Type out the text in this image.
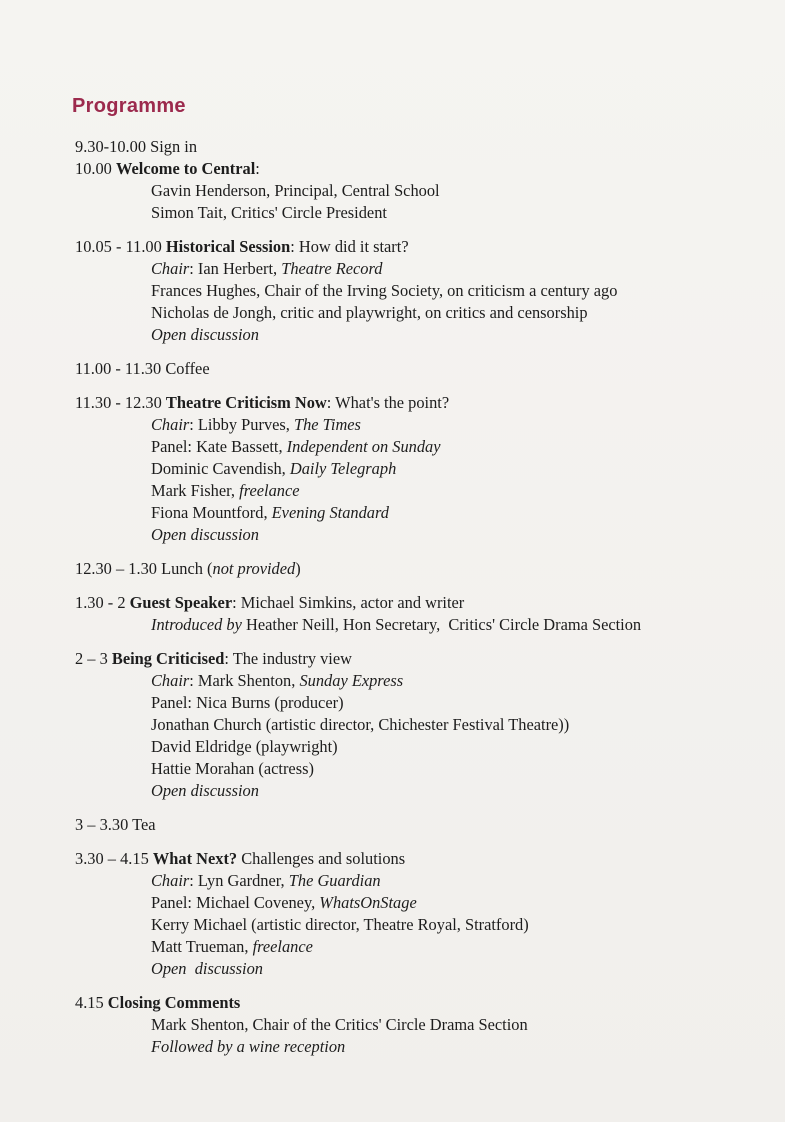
Programme
9.30-10.00 Sign in
10.00 Welcome to Central:
Gavin Henderson, Principal, Central School
Simon Tait, Critics' Circle President
10.05 - 11.00 Historical Session: How did it start?
Chair: Ian Herbert, Theatre Record
Frances Hughes, Chair of the Irving Society, on criticism a century ago
Nicholas de Jongh, critic and playwright, on critics and censorship
Open discussion
11.00 - 11.30 Coffee
11.30 - 12.30 Theatre Criticism Now: What's the point?
Chair: Libby Purves, The Times
Panel: Kate Bassett, Independent on Sunday
Dominic Cavendish, Daily Telegraph
Mark Fisher, freelance
Fiona Mountford, Evening Standard
Open discussion
12.30 – 1.30 Lunch (not provided)
1.30 - 2 Guest Speaker: Michael Simkins, actor and writer
Introduced by Heather Neill, Hon Secretary,  Critics' Circle Drama Section
2 – 3 Being Criticised: The industry view
Chair: Mark Shenton, Sunday Express
Panel: Nica Burns (producer)
Jonathan Church (artistic director, Chichester Festival Theatre))
David Eldridge (playwright)
Hattie Morahan (actress)
Open discussion
3 – 3.30 Tea
3.30 – 4.15 What Next? Challenges and solutions
Chair: Lyn Gardner, The Guardian
Panel: Michael Coveney, WhatsOnStage
Kerry Michael (artistic director, Theatre Royal, Stratford)
Matt Trueman, freelance
Open  discussion
4.15 Closing Comments
Mark Shenton, Chair of the Critics' Circle Drama Section
Followed by a wine reception
